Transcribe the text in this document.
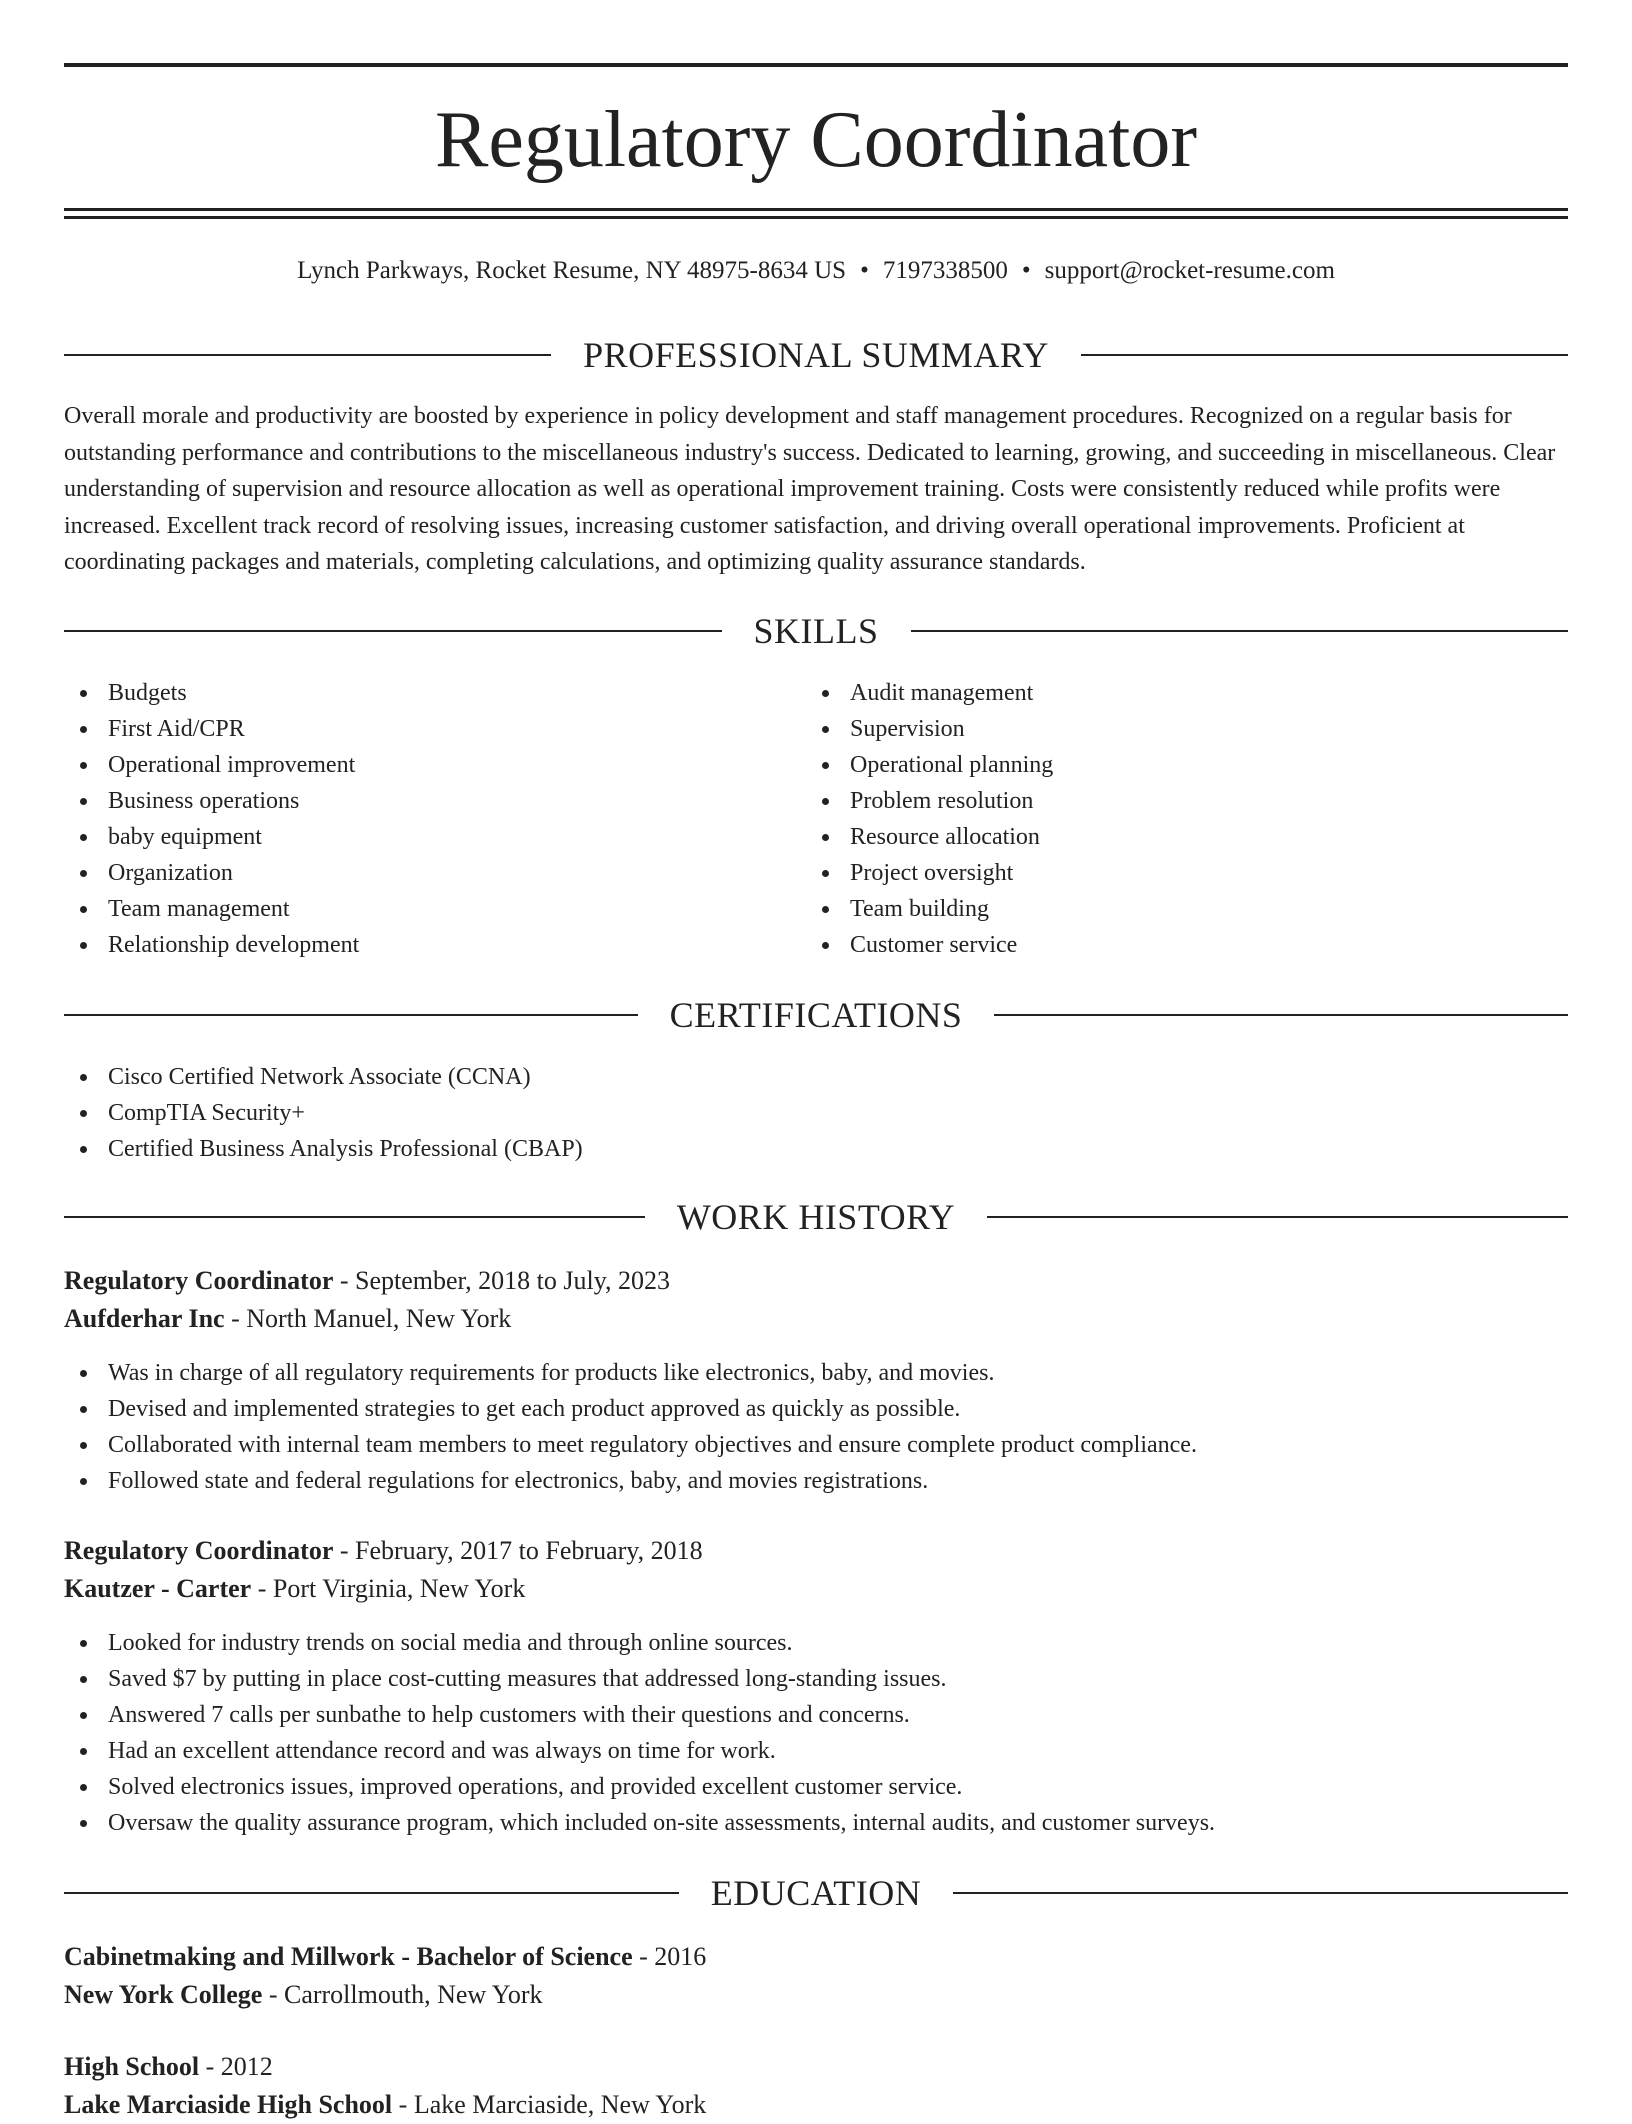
Regulatory Coordinator
Lynch Parkways, Rocket Resume, NY 48975-8634 US • 7197338500 • support@rocket-resume.com
PROFESSIONAL SUMMARY

Overall morale and productivity are boosted by experience in policy development and staff management procedures. Recognized on a regular basis for outstanding performance and contributions to the miscellaneous industry's success. Dedicated to learning, growing, and succeeding in miscellaneous. Clear understanding of supervision and resource allocation as well as operational improvement training. Costs were consistently reduced while profits were increased. Excellent track record of resolving issues, increasing customer satisfaction, and driving overall operational improvements. Proficient at coordinating packages and materials, completing calculations, and optimizing quality assurance standards.

SKILLS
Budgets
First Aid/CPR
Operational improvement
Business operations
baby equipment
Organization
Team management
Relationship development
Audit management
Supervision
Operational planning
Problem resolution
Resource allocation
Project oversight
Team building
Customer service
CERTIFICATIONS
Cisco Certified Network Associate (CCNA)
CompTIA Security+
Certified Business Analysis Professional (CBAP)
WORK HISTORY

Regulatory Coordinator - September, 2018 to July, 2023

Aufderhar Inc - North Manuel, New York

Was in charge of all regulatory requirements for products like electronics, baby, and movies.
Devised and implemented strategies to get each product approved as quickly as possible.
Collaborated with internal team members to meet regulatory objectives and ensure complete product compliance.
Followed state and federal regulations for electronics, baby, and movies registrations.

Regulatory Coordinator - February, 2017 to February, 2018

Kautzer - Carter - Port Virginia, New York

Looked for industry trends on social media and through online sources.
Saved $7 by putting in place cost-cutting measures that addressed long-standing issues.
Answered 7 calls per sunbathe to help customers with their questions and concerns.
Had an excellent attendance record and was always on time for work.
Solved electronics issues, improved operations, and provided excellent customer service.
Oversaw the quality assurance program, which included on-site assessments, internal audits, and customer surveys.
EDUCATION

Cabinetmaking and Millwork - Bachelor of Science - 2016

New York College - Carrollmouth, New York

High School - 2012

Lake Marciaside High School - Lake Marciaside, New York
